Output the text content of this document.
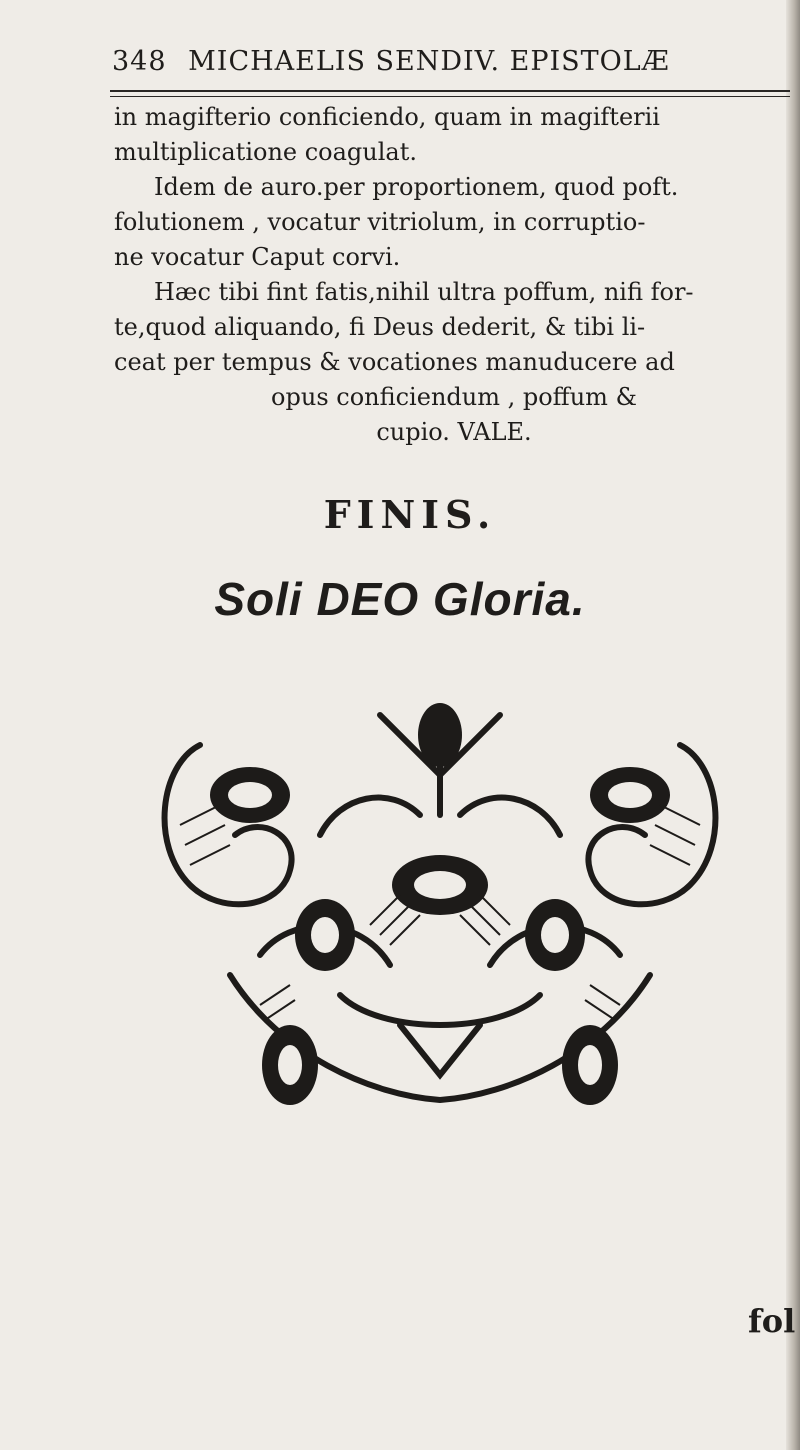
348 MICHAELIS SENDIV. EPISTOLÆ
in magifterio conficiendo, quam in magifterii
multiplicatione coagulat.
Idem de auro.per proportionem, quod poft.
folutionem , vocatur vitriolum, in corruptio-
ne vocatur Caput corvi.
Hæc tibi fint fatis,nihil ultra poffum, nifi for-
te,quod aliquando, fi Deus dederit, & tibi li-
ceat per tempus & vocationes manuducere ad
opus conficiendum , poffum &
cupio. VALE.
FINIS.
Soli DEO Gloria.
fol
